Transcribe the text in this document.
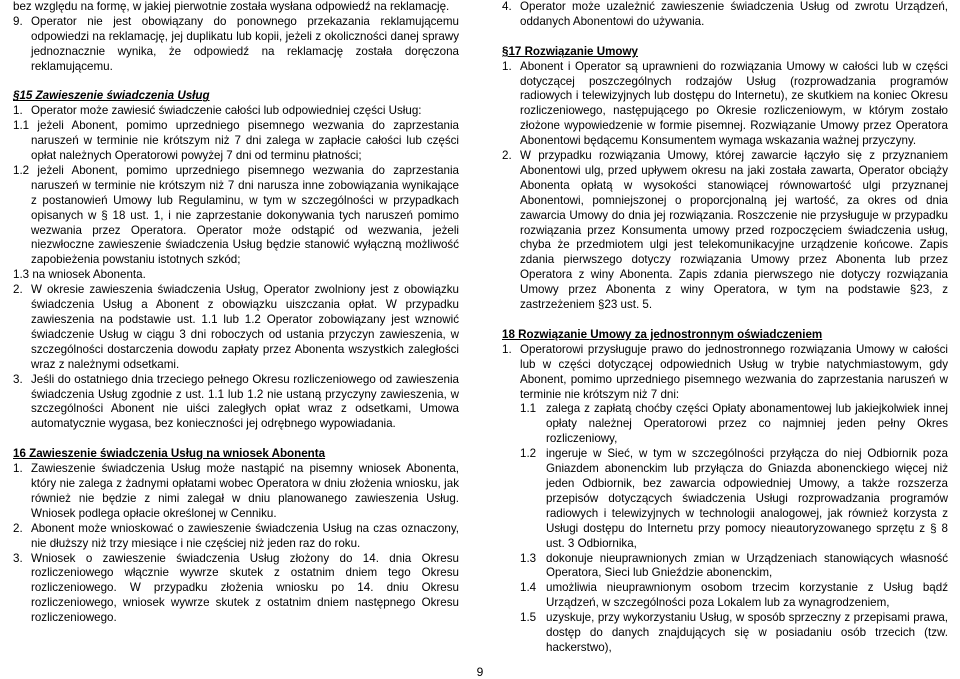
bez względu na formę, w jakiej pierwotnie została wysłana odpowiedź na reklamację.

9. Operator nie jest obowiązany do ponownego przekazania reklamującemu odpowiedzi na reklamację, jej duplikatu lub kopii, jeżeli z okoliczności danej sprawy jednoznacznie wynika, że odpowiedź na reklamację została doręczona reklamującemu.

§15 Zawieszenie świadczenia Usług

1. Operator może zawiesić świadczenie całości lub odpowiedniej części Usług:
1.1 jeżeli Abonent, pomimo uprzedniego pisemnego wezwania do zaprzestania naruszeń w terminie nie krótszym niż 7 dni zalega w zapłacie całości lub części opłat należnych Operatorowi powyżej 7 dni od terminu płatności;
1.2 jeżeli Abonent, pomimo uprzedniego pisemnego wezwania do zaprzestania naruszeń w terminie nie krótszym niż 7 dni narusza inne zobowiązania wynikające z postanowień Umowy lub Regulaminu, w tym w szczególności w przypadkach opisanych w § 18 ust. 1, i nie zaprzestanie dokonywania tych naruszeń pomimo wezwania przez Operatora. Operator może odstąpić od wezwania, jeżeli niezwłoczne zawieszenie świadczenia Usług będzie stanowić wyłączną możliwość zapobieżenia powstaniu istotnych szkód;
1.3 na wniosek Abonenta.
2. W okresie zawieszenia świadczenia Usług, Operator zwolniony jest z obowiązku świadczenia Usług a Abonent z obowiązku uiszczania opłat. W przypadku zawieszenia na podstawie ust. 1.1 lub 1.2 Operator zobowiązany jest wznowić świadczenie Usług w ciągu 3 dni roboczych od ustania przyczyn zawieszenia, w szczególności dostarczenia dowodu zapłaty przez Abonenta wszystkich zaległości wraz z należnymi odsetkami.
3. Jeśli do ostatniego dnia trzeciego pełnego Okresu rozliczeniowego od zawieszenia świadczenia Usług zgodnie z ust. 1.1 lub 1.2 nie ustaną przyczyny zawieszenia, w szczególności Abonent nie uiści zaległych opłat wraz z odsetkami, Umowa automatycznie wygasa, bez konieczności jej odrębnego wypowiadania.

16 Zawieszenie świadczenia Usług na wniosek Abonenta

1. Zawieszenie świadczenia Usług może nastąpić na pisemny wniosek Abonenta, który nie zalega z żadnymi opłatami wobec Operatora w dniu złożenia wniosku, jak również nie będzie z nimi zalegał w dniu planowanego zawieszenia Usług. Wniosek podlega opłacie określonej w Cenniku.
2. Abonent może wnioskować o zawieszenie świadczenia Usług na czas oznaczony, nie dłuższy niż trzy miesiące i nie częściej niż jeden raz do roku.
3. Wniosek o zawieszenie świadczenia Usług złożony do 14. dnia Okresu rozliczeniowego włącznie wywrze skutek z ostatnim dniem tego Okresu rozliczeniowego. W przypadku złożenia wniosku po 14. dniu Okresu rozliczeniowego, wniosek wywrze skutek z ostatnim dniem następnego Okresu rozliczeniowego.
4. Operator może uzależnić zawieszenie świadczenia Usług od zwrotu Urządzeń, oddanych Abonentowi do używania.

§17 Rozwiązanie Umowy

1. Abonent i Operator są uprawnieni do rozwiązania Umowy w całości lub w części dotyczącej poszczególnych rodzajów Usług (rozprowadzania programów radiowych i telewizyjnych lub dostępu do Internetu), ze skutkiem na koniec Okresu rozliczeniowego, następującego po Okresie rozliczeniowym, w którym zostało złożone wypowiedzenie w formie pisemnej. Rozwiązanie Umowy przez Operatora Abonentowi będącemu Konsumentem wymaga wskazania ważnej przyczyny.
2. W przypadku rozwiązania Umowy, której zawarcie łączyło się z przyznaniem Abonentowi ulg, przed upływem okresu na jaki została zawarta, Operator obciąży Abonenta opłatą w wysokości stanowiącej równowartość ulgi przyznanej Abonentowi, pomniejszonej o proporcjonalną jej wartość, za okres od dnia zawarcia Umowy do dnia jej rozwiązania. Roszczenie nie przysługuje w przypadku rozwiązania przez Konsumenta umowy przed rozpoczęciem świadczenia usług, chyba że przedmiotem ulgi jest telekomunikacyjne urządzenie końcowe. Zapis zdania pierwszego dotyczy rozwiązania Umowy przez Abonenta lub przez Operatora z winy Abonenta. Zapis zdania pierwszego nie dotyczy rozwiązania Umowy przez Abonenta z winy Operatora, w tym na podstawie §23, z zastrzeżeniem §23 ust. 5.

18 Rozwiązanie Umowy za jednostronnym oświadczeniem

1. Operatorowi przysługuje prawo do jednostronnego rozwiązania Umowy w całości lub w części dotyczącej odpowiednich Usług w trybie natychmiastowym, gdy Abonent, pomimo uprzedniego pisemnego wezwania do zaprzestania naruszeń w terminie nie krótszym niż 7 dni:
1.1 zalega z zapłatą choćby części Opłaty abonamentowej lub jakiejkolwiek innej opłaty należnej Operatorowi przez co najmniej jeden pełny Okres rozliczeniowy,
1.2 ingeruje w Sieć, w tym w szczególności przyłącza do niej Odbiornik poza Gniazdem abonenckim lub przyłącza do Gniazda abonenckiego więcej niż jeden Odbiornik, bez zawarcia odpowiedniej Umowy, a także rozszerza przepisów dotyczących świadczenia Usługi rozprowadzania programów radiowych i telewizyjnych w technologii analogowej, jak również korzysta z Usługi dostępu do Internetu przy pomocy nieautoryzowanego sprzętu z § 8 ust. 3 Odbiornika,
1.3 dokonuje nieuprawnionych zmian w Urządzeniach stanowiących własność Operatora, Sieci lub Gnieździe abonenckim,
1.4 umożliwia nieuprawnionym osobom trzecim korzystanie z Usług bądź Urządzeń, w szczególności poza Lokalem lub za wynagrodzeniem,
1.5 uzyskuje, przy wykorzystaniu Usług, w sposób sprzeczny z przepisami prawa, dostęp do danych znajdujących się w posiadaniu osób trzecich (tzw. hackerstwo),
9
